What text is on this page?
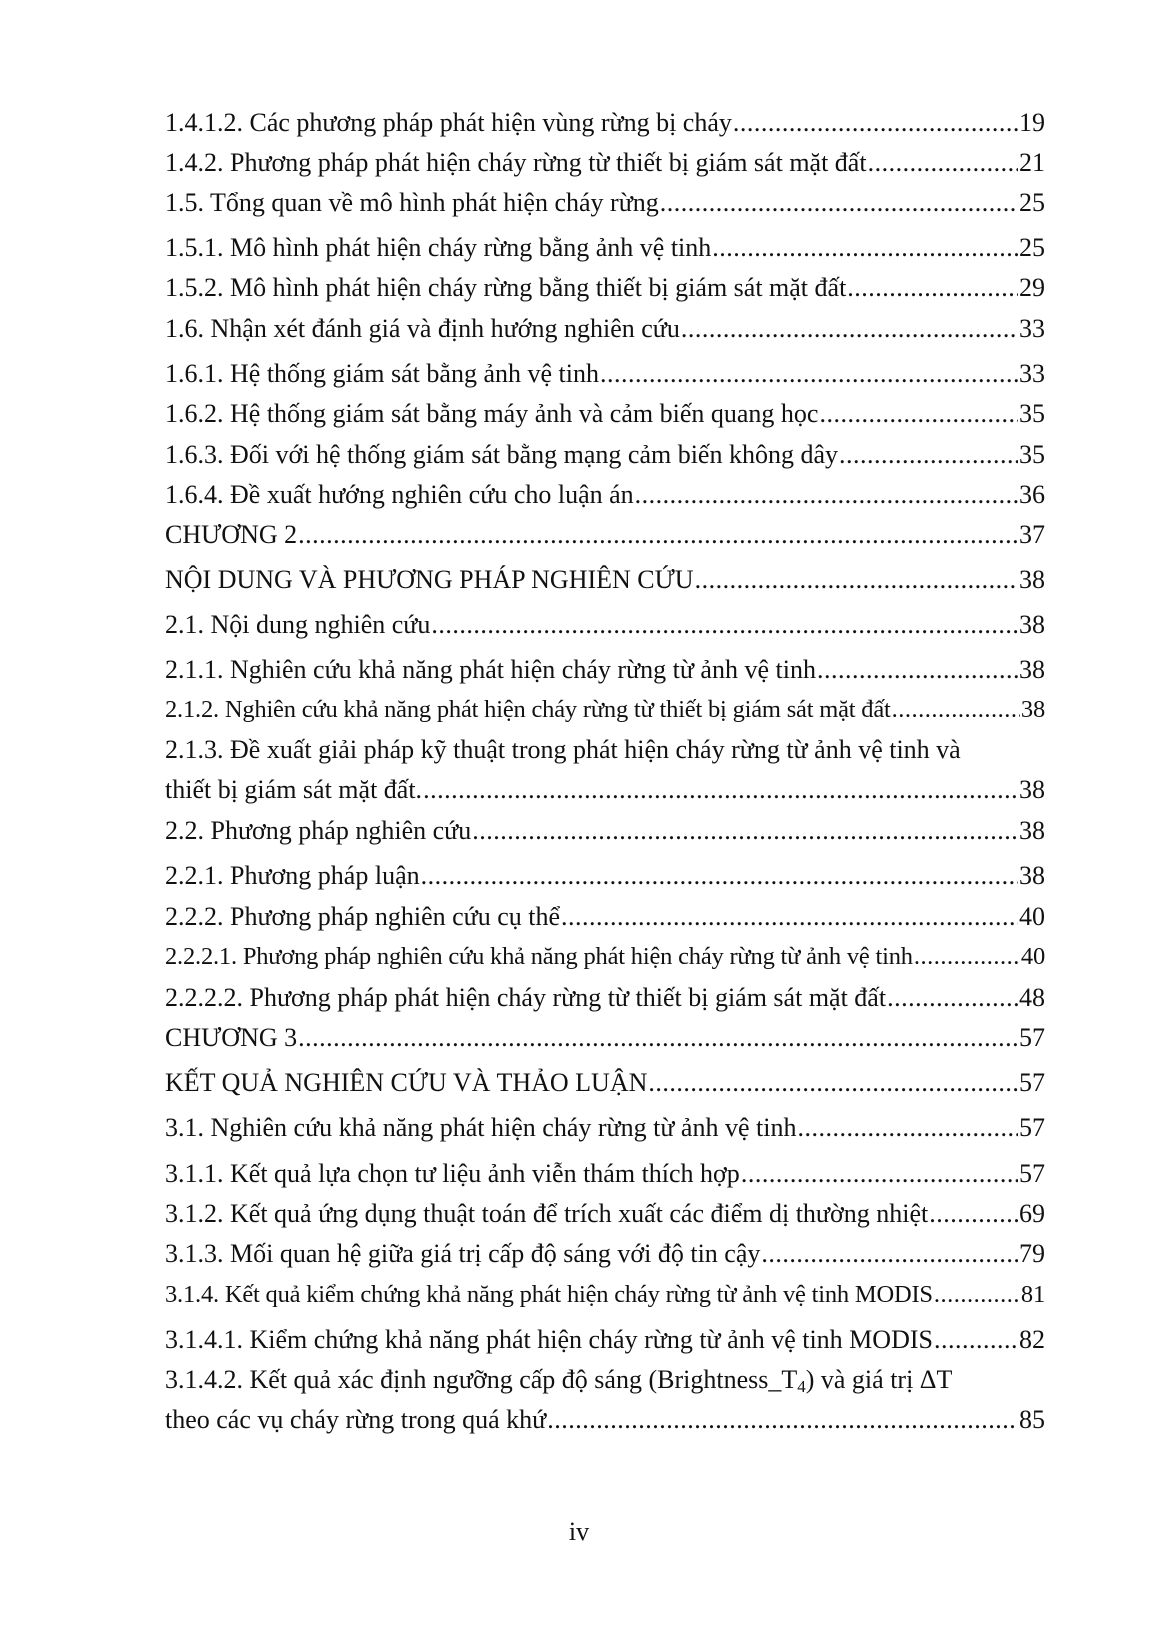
1.4.1.2. Các phương pháp phát hiện vùng rừng bị cháy .....	19
1.4.2. Phương pháp phát hiện cháy rừng từ thiết bị giám sát mặt đất .....	21
1.5. Tổng quan về mô hình phát hiện cháy rừng .....	25
1.5.1. Mô hình phát hiện cháy rừng bằng ảnh vệ tinh .....	25
1.5.2. Mô hình phát hiện cháy rừng bằng thiết bị giám sát mặt đất .....	29
1.6. Nhận xét đánh giá và định hướng nghiên cứu .....	33
1.6.1. Hệ thống giám sát bằng ảnh vệ tinh .....	33
1.6.2. Hệ thống giám sát bằng máy ảnh và cảm biến quang học .....	35
1.6.3. Đối với hệ thống giám sát bằng mạng cảm biến không dây .....	35
1.6.4. Đề xuất hướng nghiên cứu cho luận án .....	36
CHƯƠNG 2 .....	37
NỘI DUNG VÀ PHƯƠNG PHÁP NGHIÊN CỨU .....	38
2.1. Nội dung nghiên cứu .....	38
2.1.1. Nghiên cứu khả năng phát hiện cháy rừng từ ảnh vệ tinh .....	38
2.1.2. Nghiên cứu khả năng phát hiện cháy rừng từ thiết bị giám sát mặt đất .....	38
2.1.3. Đề xuất giải pháp kỹ thuật trong phát hiện cháy rừng từ ảnh vệ tinh và
thiết bị giám sát mặt đất. .....	38
2.2. Phương pháp nghiên cứu .....	38
2.2.1. Phương pháp luận .....	38
2.2.2. Phương pháp nghiên cứu cụ thể .....	40
2.2.2.1. Phương pháp nghiên cứu khả năng phát hiện cháy rừng từ ảnh vệ tinh .....	40
2.2.2.2. Phương pháp phát hiện cháy rừng từ thiết bị giám sát mặt đất .....	48
CHƯƠNG 3 .....	57
KẾT QUẢ NGHIÊN CỨU VÀ THẢO LUẬN .....	57
3.1. Nghiên cứu khả năng phát hiện cháy rừng từ ảnh vệ tinh .....	57
3.1.1. Kết quả lựa chọn tư liệu ảnh viễn thám thích hợp .....	57
3.1.2. Kết quả ứng dụng thuật toán để trích xuất các điểm dị thường nhiệt .....	69
3.1.3. Mối quan hệ giữa giá trị cấp độ sáng với độ tin cậy .....	79
3.1.4. Kết quả kiểm chứng khả năng phát hiện cháy rừng từ ảnh vệ tinh MODIS .....	81
3.1.4.1. Kiểm chứng khả năng phát hiện cháy rừng từ ảnh vệ tinh MODIS .....	82
3.1.4.2. Kết quả xác định ngưỡng cấp độ sáng $(Brightness\_T_4)$ và giá trị ΔT
theo các vụ cháy rừng trong quá khứ .....	85
iv
